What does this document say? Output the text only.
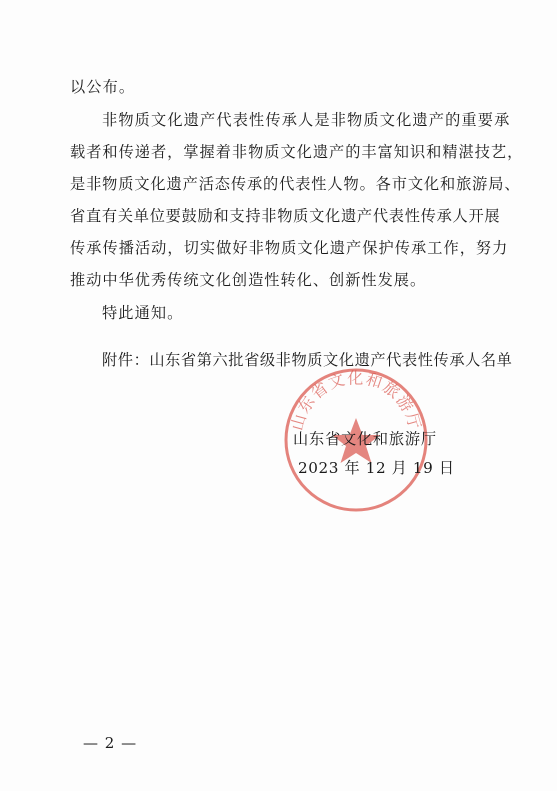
以公布。
非物质文化遗产代表性传承人是非物质文化遗产的重要承
载者和传递者，掌握着非物质文化遗产的丰富知识和精湛技艺，
是非物质文化遗产活态传承的代表性人物。各市文化和旅游局、
省直有关单位要鼓励和支持非物质文化遗产代表性传承人开展
传承传播活动，切实做好非物质文化遗产保护传承工作，努力
推动中华优秀传统文化创造性转化、创新性发展。
特此通知。
附件：山东省第六批省级非物质文化遗产代表性传承人名单
山东省文化和旅游厅
山东省文化和旅游厅
2023 年 12 月 19 日
— 2 —
